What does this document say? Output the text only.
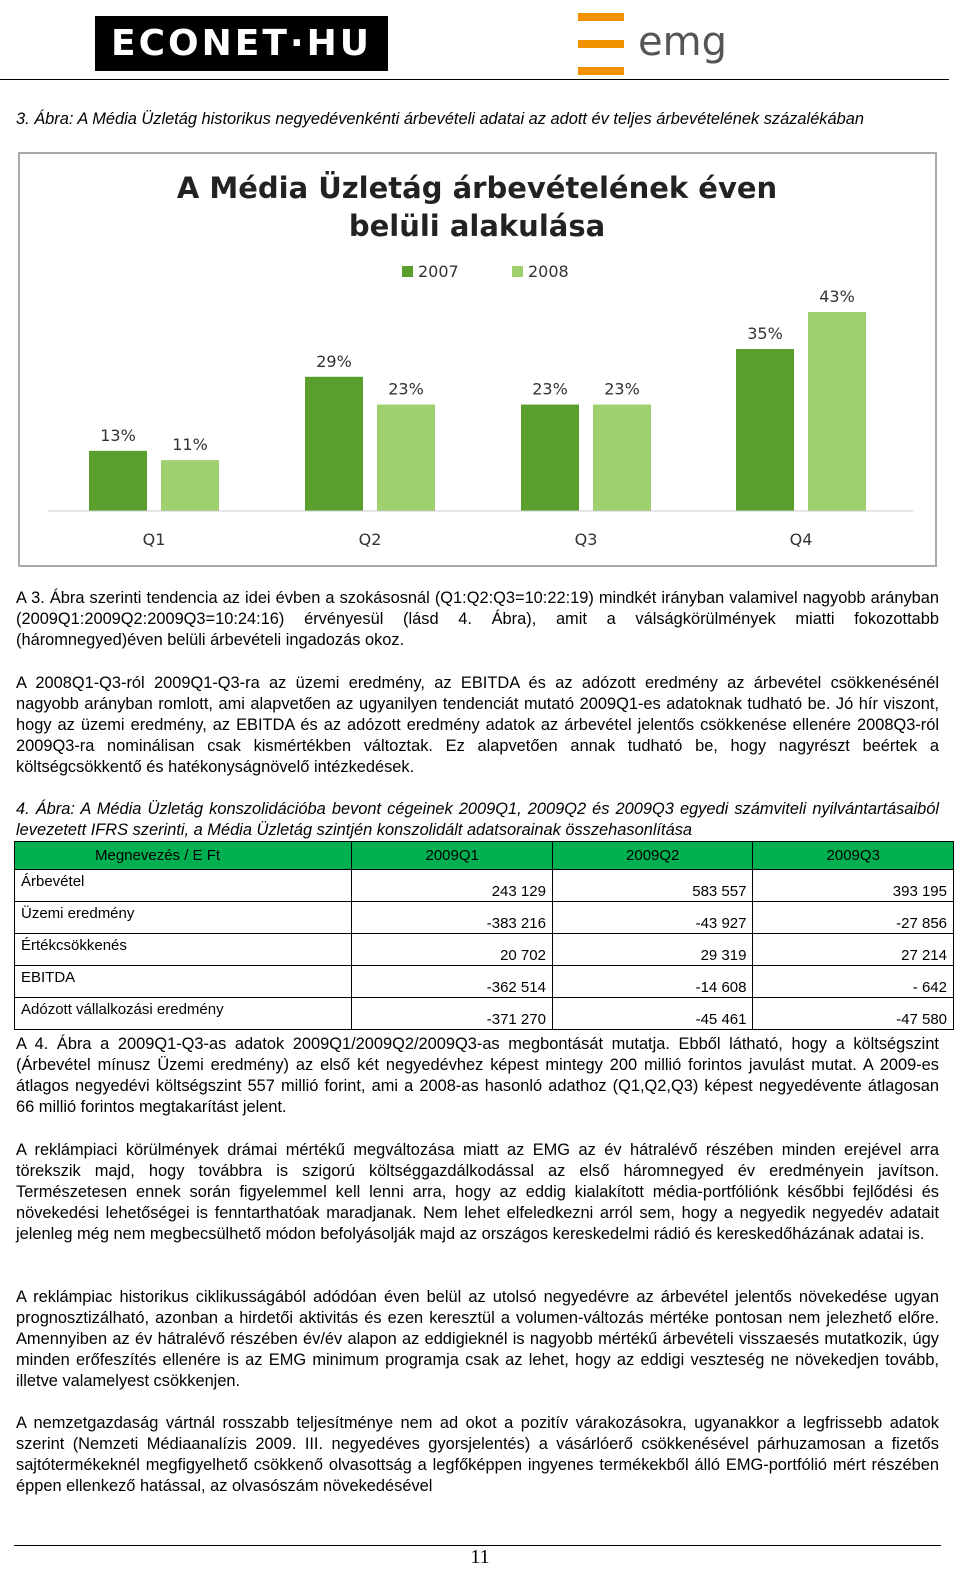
ECONET·HU	emg
3. Ábra: A Média Üzletág historikus negyedévenkénti árbevételi adatai az adott év teljes árbevételének százalékában
A Média Üzletág árbevételének éven
belüli alakulása
2007	2008
13% 11%
29%
23%	23% 23%
35%
43%
Q1	Q2	Q3	Q4
A 3. Ábra szerinti tendencia az idei évben a szokásosnál (Q1:Q2:Q3=10:22:19) mindkét irányban valamivel nagyobb arányban (2009Q1:2009Q2:2009Q3=10:24:16) érvényesül (lásd 4. Ábra), amit a válságkörülmények miatti fokozottabb (háromnegyed)éven belüli árbevételi ingadozás okoz.
A 2008Q1-Q3-ról 2009Q1-Q3-ra az üzemi eredmény, az EBITDA és az adózott eredmény az árbevétel csökkenésénél nagyobb arányban romlott, ami alapvetően az ugyanilyen tendenciát mutató 2009Q1-es adatoknak tudható be. Jó hír viszont, hogy az üzemi eredmény, az EBITDA és az adózott eredmény adatok az árbevétel jelentős csökkenése ellenére 2008Q3-ról 2009Q3-ra nominálisan csak kismértékben változtak. Ez alapvetően annak tudható be, hogy nagyrészt beértek a költségcsökkentő és hatékonyságnövelő intézkedések.
4. Ábra: A Média Üzletág konszolidációba bevont cégeinek 2009Q1, 2009Q2 és 2009Q3 egyedi számviteli nyilvántartásaiból levezetett IFRS szerinti, a Média Üzletág szintjén konszolidált adatsorainak összehasonlítása
Megnevezés / E Ft	2009Q1	2009Q2	2009Q3
Árbevétel	243 129	583 557	393 195
Üzemi eredmény	-383 216	-43 927	-27 856
Értékcsökkenés	20 702	29 319	27 214
EBITDA	-362 514	-14 608	- 642
Adózott vállalkozási eredmény	-371 270	-45 461	-47 580
A 4. Ábra a 2009Q1-Q3-as adatok 2009Q1/2009Q2/2009Q3-as megbontását mutatja. Ebből látható, hogy a költségszint (Árbevétel mínusz Üzemi eredmény) az első két negyedévhez képest mintegy 200 millió forintos javulást mutat. A 2009-es átlagos negyedévi költségszint 557 millió forint, ami a 2008-as hasonló adathoz (Q1,Q2,Q3) képest negyedévente átlagosan 66 millió forintos megtakarítást jelent.
A reklámpiaci körülmények drámai mértékű megváltozása miatt az EMG az év hátralévő részében minden erejével arra törekszik majd, hogy továbbra is szigorú költséggazdálkodással az első háromnegyed év eredményein javítson. Természetesen ennek során figyelemmel kell lenni arra, hogy az eddig kialakított média-portfóliónk későbbi fejlődési és növekedési lehetőségei is fenntarthatóak maradjanak. Nem lehet elfeledkezni arról sem, hogy a negyedik negyedév adatait jelenleg még nem megbecsülhető módon befolyásolják majd az országos kereskedelmi rádió és kereskedőházának adatai is.
A reklámpiac historikus ciklikusságából adódóan éven belül az utolsó negyedévre az árbevétel jelentős növekedése ugyan prognosztizálható, azonban a hirdetői aktivitás és ezen keresztül a volumen-változás mértéke pontosan nem jelezhető előre. Amennyiben az év hátralévő részében év/év alapon az eddigieknél is nagyobb mértékű árbevételi visszaesés mutatkozik, úgy minden erőfeszítés ellenére is az EMG minimum programja csak az lehet, hogy az eddigi veszteség ne növekedjen tovább, illetve valamelyest csökkenjen.
A nemzetgazdaság vártnál rosszabb teljesítménye nem ad okot a pozitív várakozásokra, ugyanakkor a legfrissebb adatok szerint (Nemzeti Médiaanalízis 2009. III. negyedéves gyorsjelentés) a vásárlóerő csökkenésével párhuzamosan a fizetős sajtótermékeknél megfigyelhető csökkenő olvasottság a legfőképpen ingyenes termékekből álló EMG-portfólió mért részében éppen ellenkező hatással, az olvasószám növekedésével
11
